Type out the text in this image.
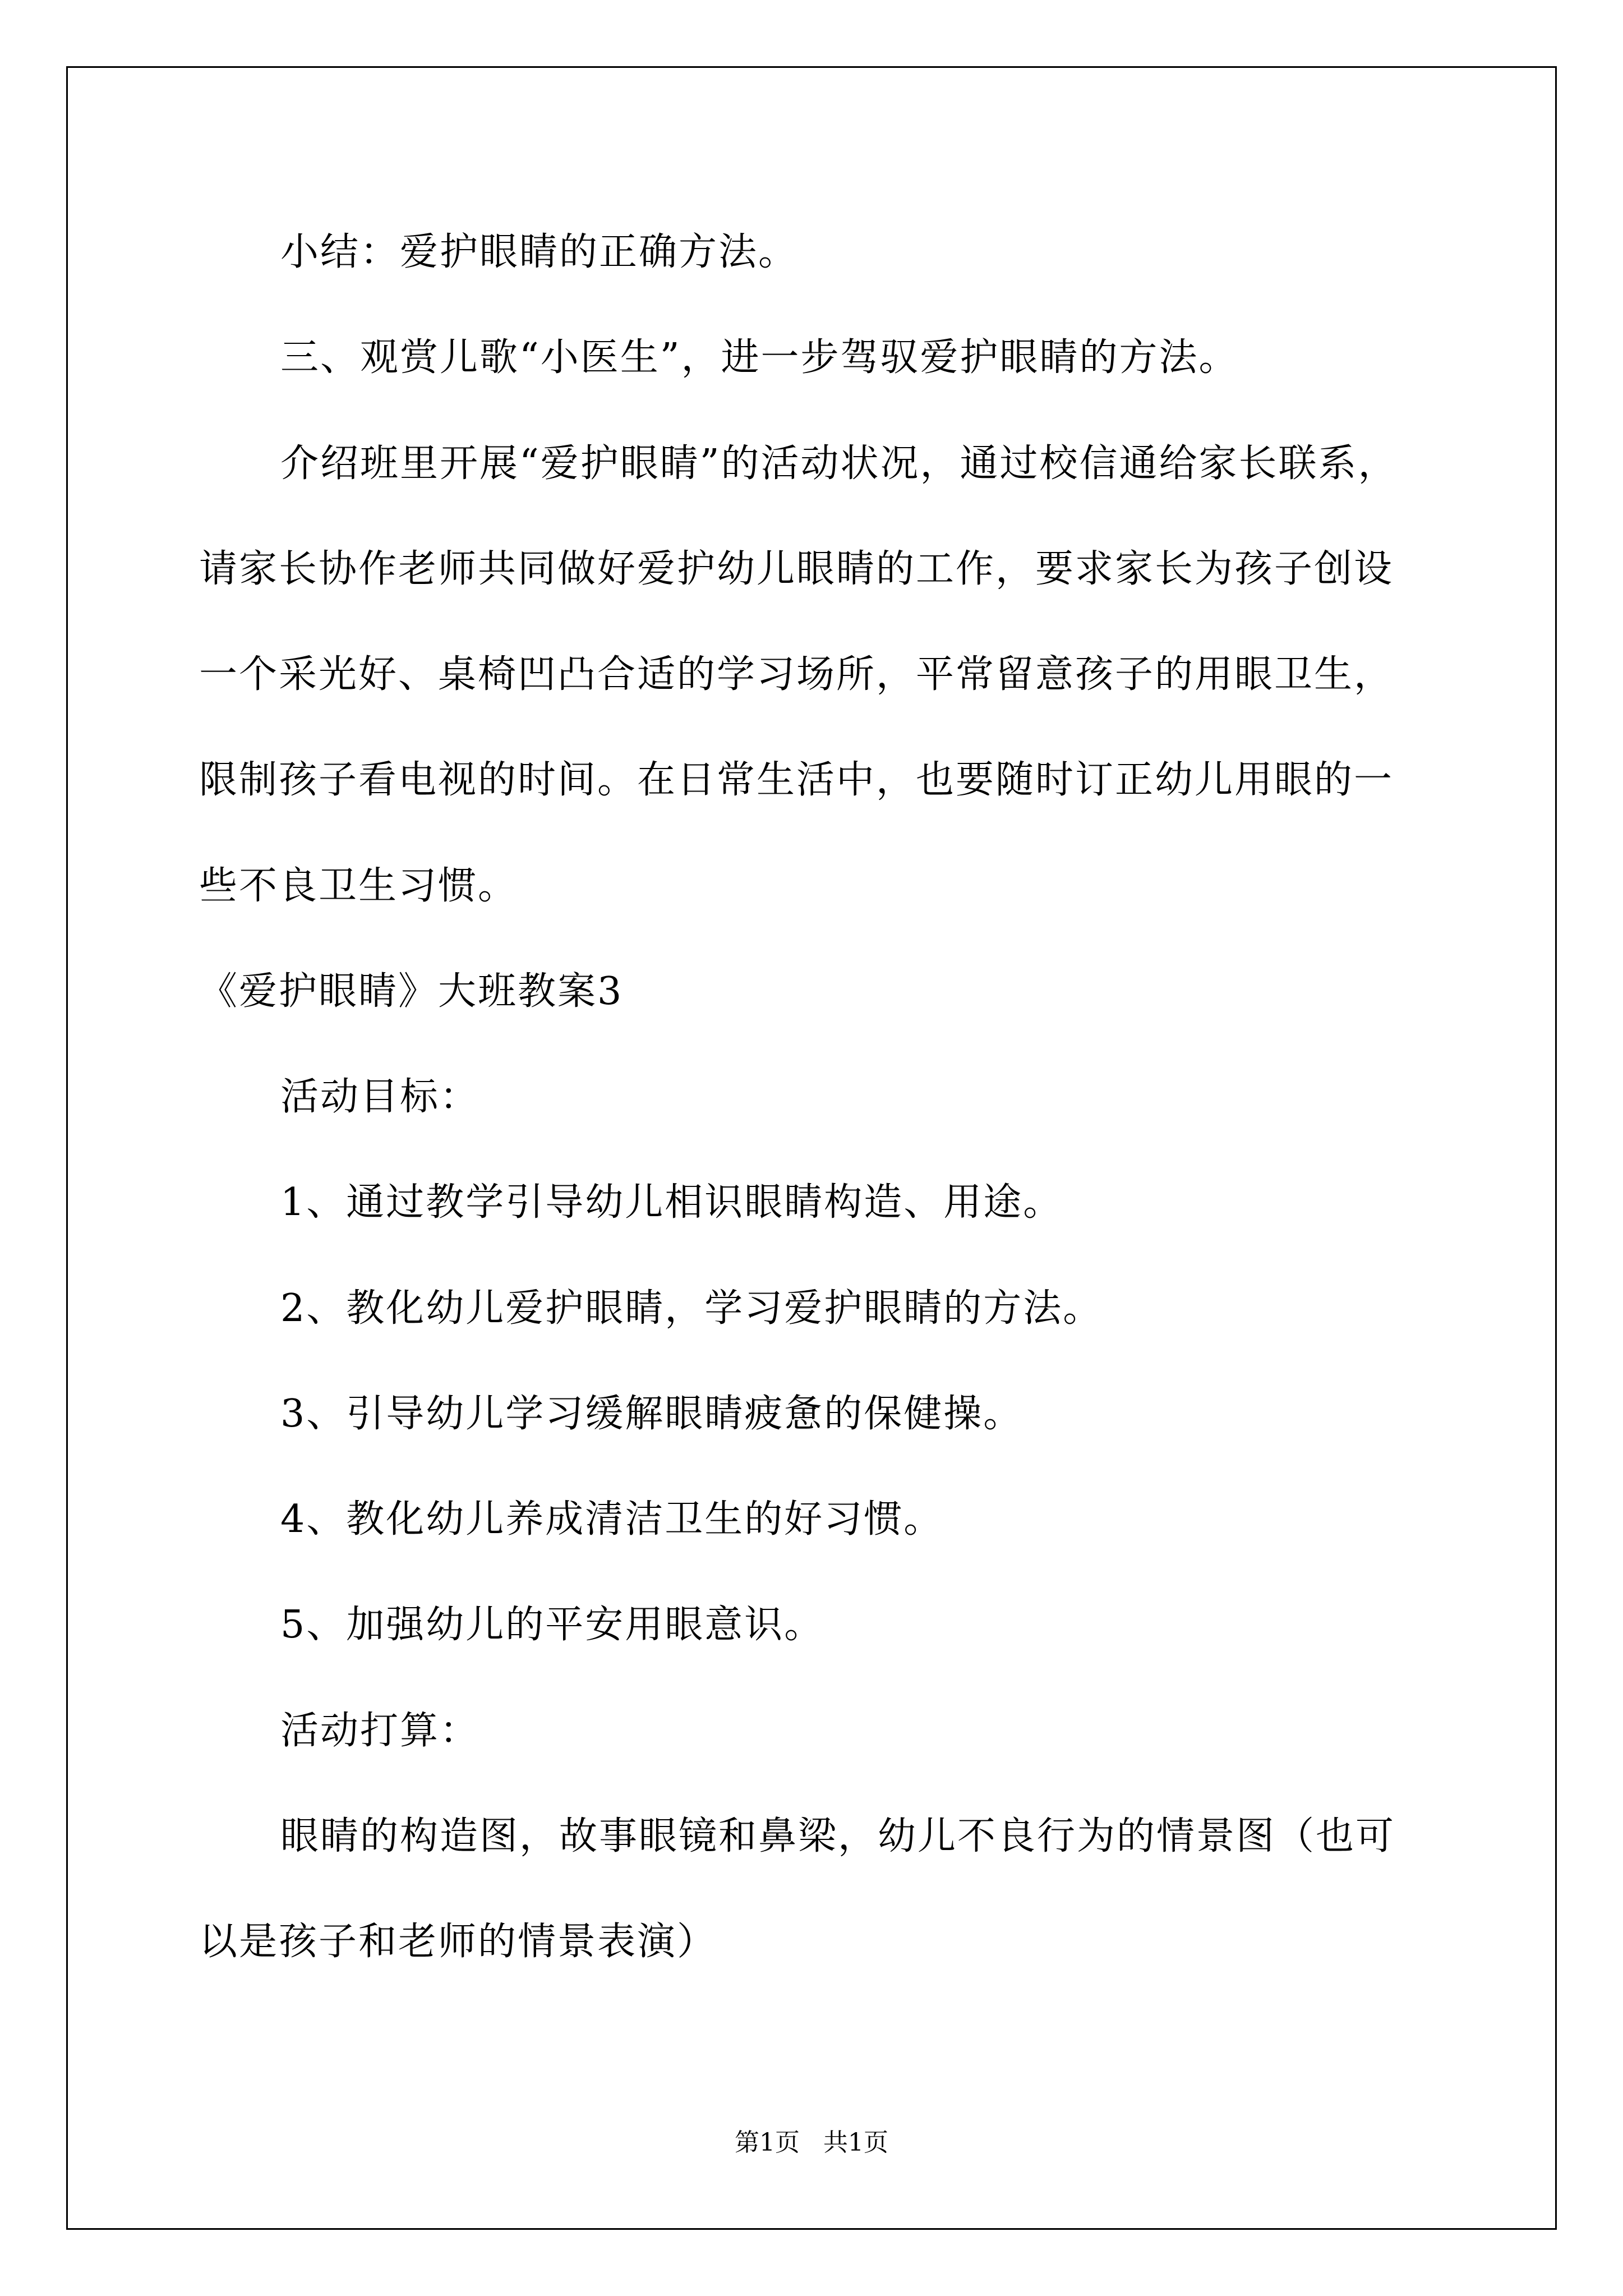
小结：爱护眼睛的正确方法。
三、观赏儿歌“小医生”，进一步驾驭爱护眼睛的方法。
介绍班里开展“爱护眼睛”的活动状况，通过校信通给家长联系，
请家长协作老师共同做好爱护幼儿眼睛的工作，要求家长为孩子创设
一个采光好、桌椅凹凸合适的学习场所，平常留意孩子的用眼卫生，
限制孩子看电视的时间。在日常生活中，也要随时订正幼儿用眼的一
些不良卫生习惯。
《爱护眼睛》大班教案3
活动目标：
1、通过教学引导幼儿相识眼睛构造、用途。
2、教化幼儿爱护眼睛，学习爱护眼睛的方法。
3、引导幼儿学习缓解眼睛疲惫的保健操。
4、教化幼儿养成清洁卫生的好习惯。
5、加强幼儿的平安用眼意识。
活动打算：
眼睛的构造图，故事眼镜和鼻梁，幼儿不良行为的情景图（也可
以是孩子和老师的情景表演）
第1页   共1页
